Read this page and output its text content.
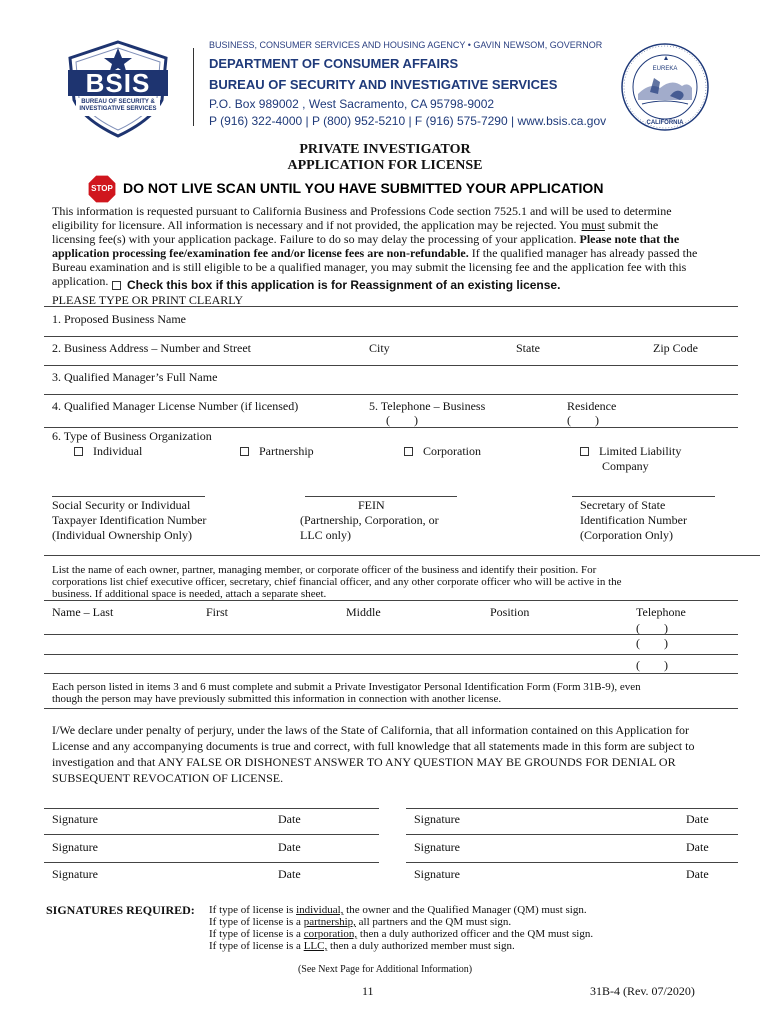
BSIS
BUREAU OF SECURITY &
INVESTIGATIVE SERVICES
BUSINESS, CONSUMER SERVICES AND HOUSING AGENCY • GAVIN NEWSOM, GOVERNOR
DEPARTMENT OF CONSUMER AFFAIRS
BUREAU OF SECURITY AND INVESTIGATIVE SERVICES
P.O. Box 989002 , West Sacramento, CA 95798-9002
P (916) 322-4000 | P (800) 952-5210 | F (916) 575-7290 | www.bsis.ca.gov
EUREKA
CALIFORNIA
PRIVATE INVESTIGATOR
APPLICATION FOR LICENSE
STOP DO NOT LIVE SCAN UNTIL YOU HAVE SUBMITTED YOUR APPLICATION
This information is requested pursuant to California Business and Professions Code section 7525.1 and will be used to determine
eligibility for licensure. All information is necessary and if not provided, the application may be rejected. You must submit the
licensing fee(s) with your application package. Failure to do so may delay the processing of your application. Please note that the
application processing fee/examination fee and/or license fees are non-refundable. If the qualified manager has already passed the
Bureau examination and is still eligible to be a qualified manager, you may submit the licensing fee and the application fee with this
application.	Check this box if this application is for Reassignment of an existing license.
PLEASE TYPE OR PRINT CLEARLY
1. Proposed Business Name
2. Business Address – Number and Street	City	State	Zip Code
3. Qualified Manager’s Full Name
4. Qualified Manager License Number (if licensed)	5. Telephone – Business	Residence
(        )	(        )
6. Type of Business Organization
Individual	Partnership	Corporation	Limited Liability
Company
Social Security or Individual
Taxpayer Identification Number
(Individual Ownership Only)
FEIN
(Partnership, Corporation, or
LLC only)
Secretary of State
Identification Number
(Corporation Only)
List the name of each owner, partner, managing member, or corporate officer of the business and identify their position. For
corporations list chief executive officer, secretary, chief financial officer, and any other corporate officer who will be active in the
business. If additional space is needed, attach a separate sheet.
Name – Last	First	Middle	Position	Telephone
(        )
(        )
(        )
Each person listed in items 3 and 6 must complete and submit a Private Investigator Personal Identification Form (Form 31B-9), even
though the person may have previously submitted this information in connection with another license.
I/We declare under penalty of perjury, under the laws of the State of California, that all information contained on this Application for
License and any accompanying documents is true and correct, with full knowledge that all statements made in this form are subject to
investigation and that ANY FALSE OR DISHONEST ANSWER TO ANY QUESTION MAY BE GROUNDS FOR DENIAL OR
SUBSEQUENT REVOCATION OF LICENSE.
Signature	Date	Signature	Date
Signature	Date	Signature	Date
Signature	Date	Signature	Date
SIGNATURES REQUIRED: If type of license is individual, the owner and the Qualified Manager (QM) must sign.
If type of license is a partnership, all partners and the QM must sign.
If type of license is a corporation, then a duly authorized officer and the QM must sign.
If type of license is a LLC, then a duly authorized member must sign.
(See Next Page for Additional Information)
11	31B-4 (Rev. 07/2020)
